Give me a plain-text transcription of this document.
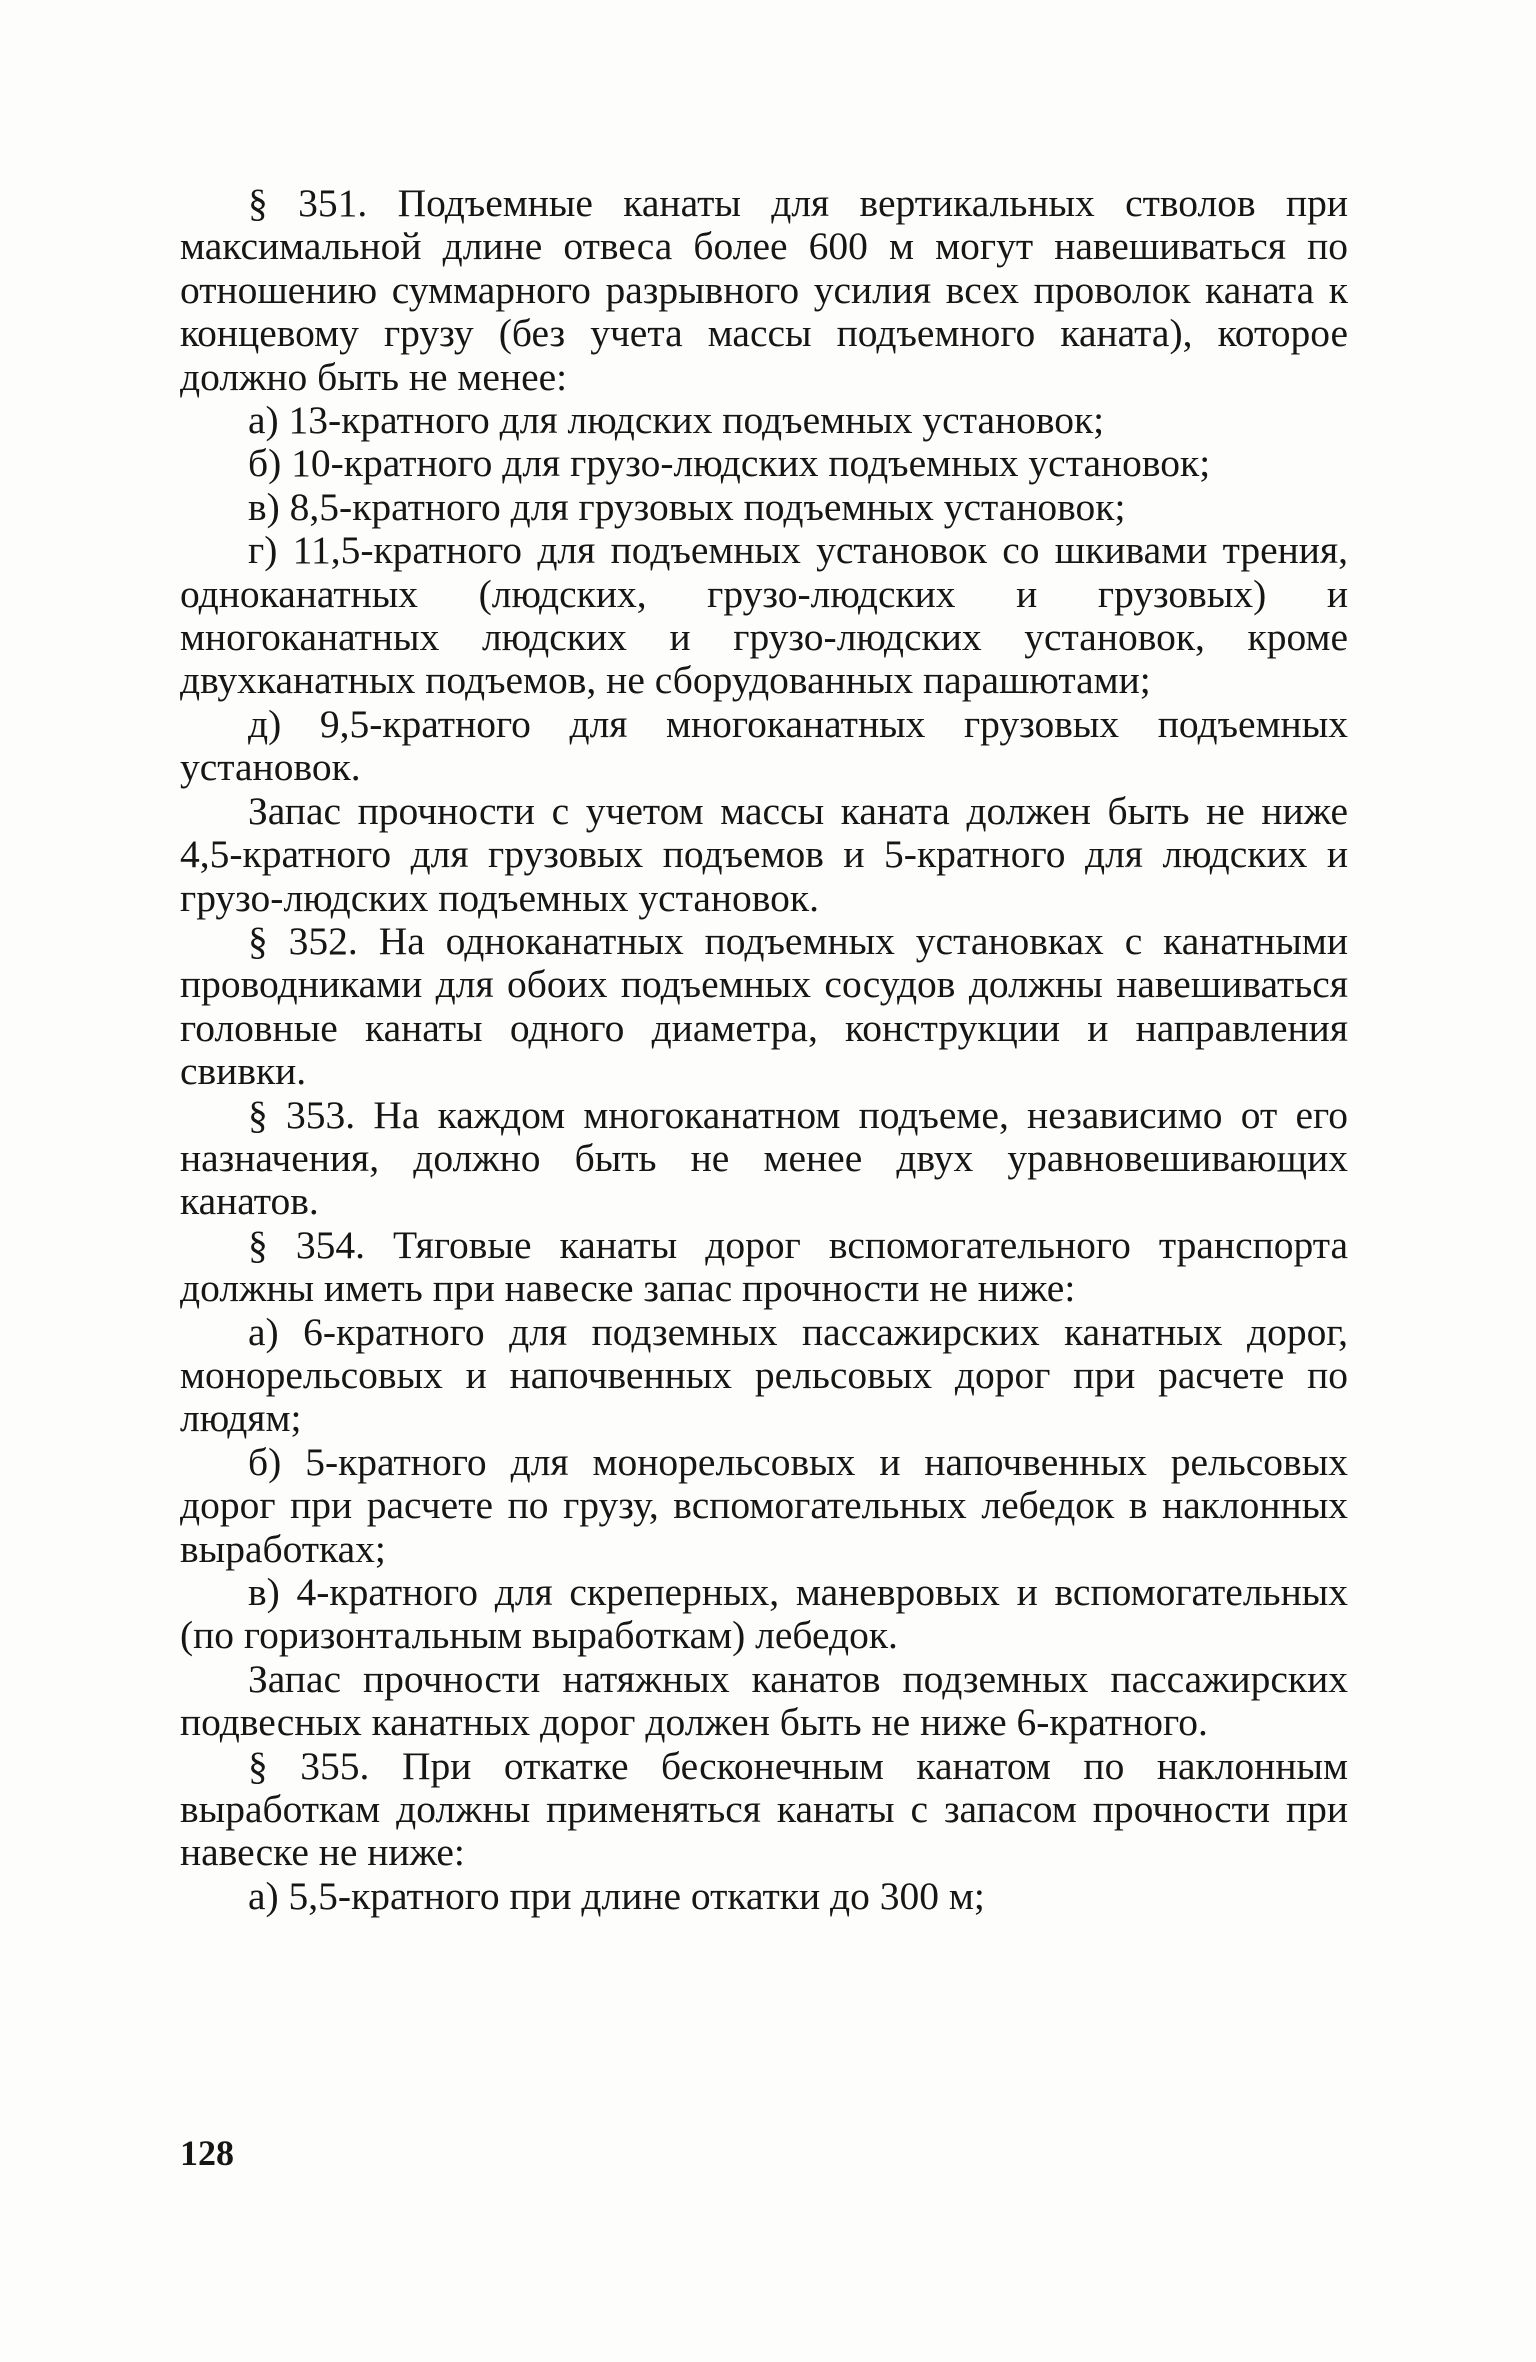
§ 351. Подъемные канаты для вертикальных стволов при максимальной длине отвеса более 600 м могут навешиваться по отношению суммарного разрывного усилия всех проволок каната к концевому грузу (без учета массы подъемного каната), которое должно быть не менее:

а) 13-кратного для людских подъемных установок;

б) 10-кратного для грузо-людских подъемных установок;

в) 8,5-кратного для грузовых подъемных установок;

г) 11,5-кратного для подъемных установок со шкивами трения, одноканатных (людских, грузо-людских и грузовых) и многоканатных людских и грузо-людских установок, кроме двухканатных подъемов, не сборудованных парашютами;

д) 9,5-кратного для многоканатных грузовых подъемных установок.

Запас прочности с учетом массы каната должен быть не ниже 4,5-кратного для грузовых подъемов и 5-кратного для людских и грузо-людских подъемных установок.

§ 352. На одноканатных подъемных установках с канатными проводниками для обоих подъемных сосудов должны навешиваться головные канаты одного диаметра, конструкции и направления свивки.

§ 353. На каждом многоканатном подъеме, независимо от его назначения, должно быть не менее двух уравновешивающих канатов.

§ 354. Тяговые канаты дорог вспомогательного транспорта должны иметь при навеске запас прочности не ниже:

а) 6-кратного для подземных пассажирских канатных дорог, монорельсовых и напочвенных рельсовых дорог при расчете по людям;

б) 5-кратного для монорельсовых и напочвенных рельсовых дорог при расчете по грузу, вспомогательных лебедок в наклонных выработках;

в) 4-кратного для скреперных, маневровых и вспомогательных (по горизонтальным выработкам) лебедок.

Запас прочности натяжных канатов подземных пассажирских подвесных канатных дорог должен быть не ниже 6-кратного.

§ 355. При откатке бесконечным канатом по наклонным выработкам должны применяться канаты с запасом прочности при навеске не ниже:

а) 5,5-кратного при длине откатки до 300 м;

128
